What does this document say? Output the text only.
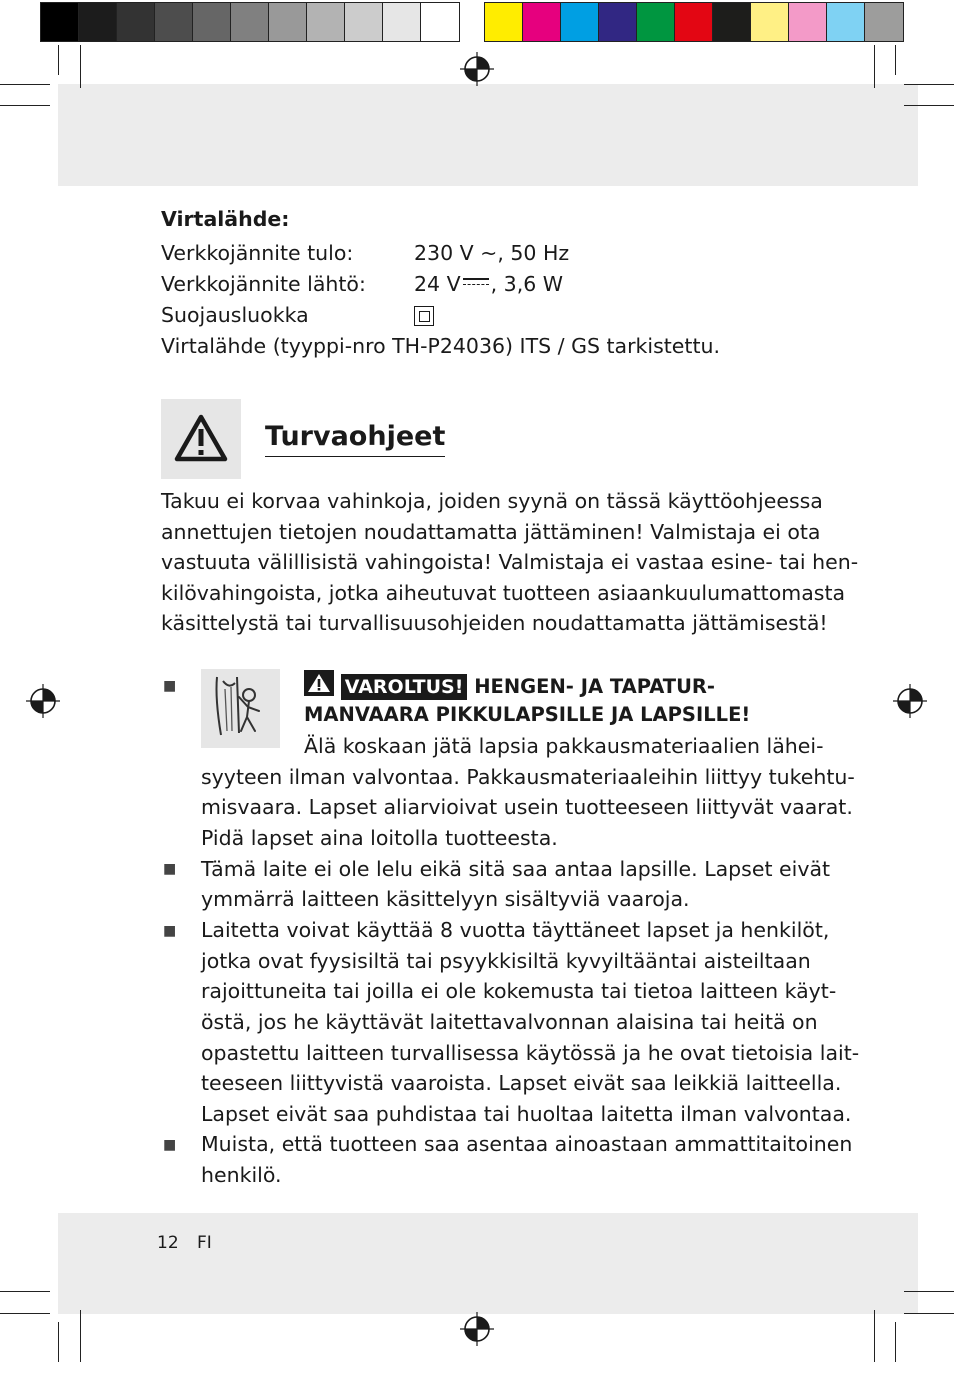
Virtalähde:
Verkkojännite tulo:	230 V ~, 50 Hz
Verkkojännite lähtö: 24 V , 3,6 W
Suojausluokka
Virtalähde (tyyppi-nro TH-P24036) ITS / GS tarkistettu.
Turvaohjeet
Takuu ei korvaa vahinkoja, joiden syynä on tässä käyttöohjeessa
annettujen tietojen noudattamatta jättäminen! Valmistaja ei ota
vastuuta välillisistä vahingoista! Valmistaja ei vastaa esine- tai hen-
kilövahingoista, jotka aiheutuvat tuotteen asiaankuulumattomasta
käsittelystä tai turvallisuusohjeiden noudattamatta jättämisestä!
■	VAROLTUS! HENGEN- JA TAPATUR-
MANVAARA PIKKULAPSILLE JA LAPSILLE!
Älä koskaan jätä lapsia pakkausmateriaalien lähei-
syyteen ilman valvontaa. Pakkausmateriaaleihin liittyy tukehtu-
misvaara. Lapset aliarvioivat usein tuotteeseen liittyvät vaarat.
Pidä lapset aina loitolla tuotteesta.
■ Tämä laite ei ole lelu eikä sitä saa antaa lapsille. Lapset eivät
ymmärrä laitteen käsittelyyn sisältyviä vaaroja.
■ Laitetta voivat käyttää 8 vuotta täyttäneet lapset ja henkilöt,
jotka ovat fyysisiltä tai psyykkisiltä kyvyiltääntai aisteiltaan
rajoittuneita tai joilla ei ole kokemusta tai tietoa laitteen käyt-
östä, jos he käyttävät laitettavalvonnan alaisina tai heitä on
opastettu laitteen turvallisessa käytössä ja he ovat tietoisia lait-
teeseen liittyvistä vaaroista. Lapset eivät saa leikkiä laitteella.
Lapset eivät saa puhdistaa tai huoltaa laitetta ilman valvontaa.
■ Muista, että tuotteen saa asentaa ainoastaan ammattitaitoinen
henkilö.
12 FI
